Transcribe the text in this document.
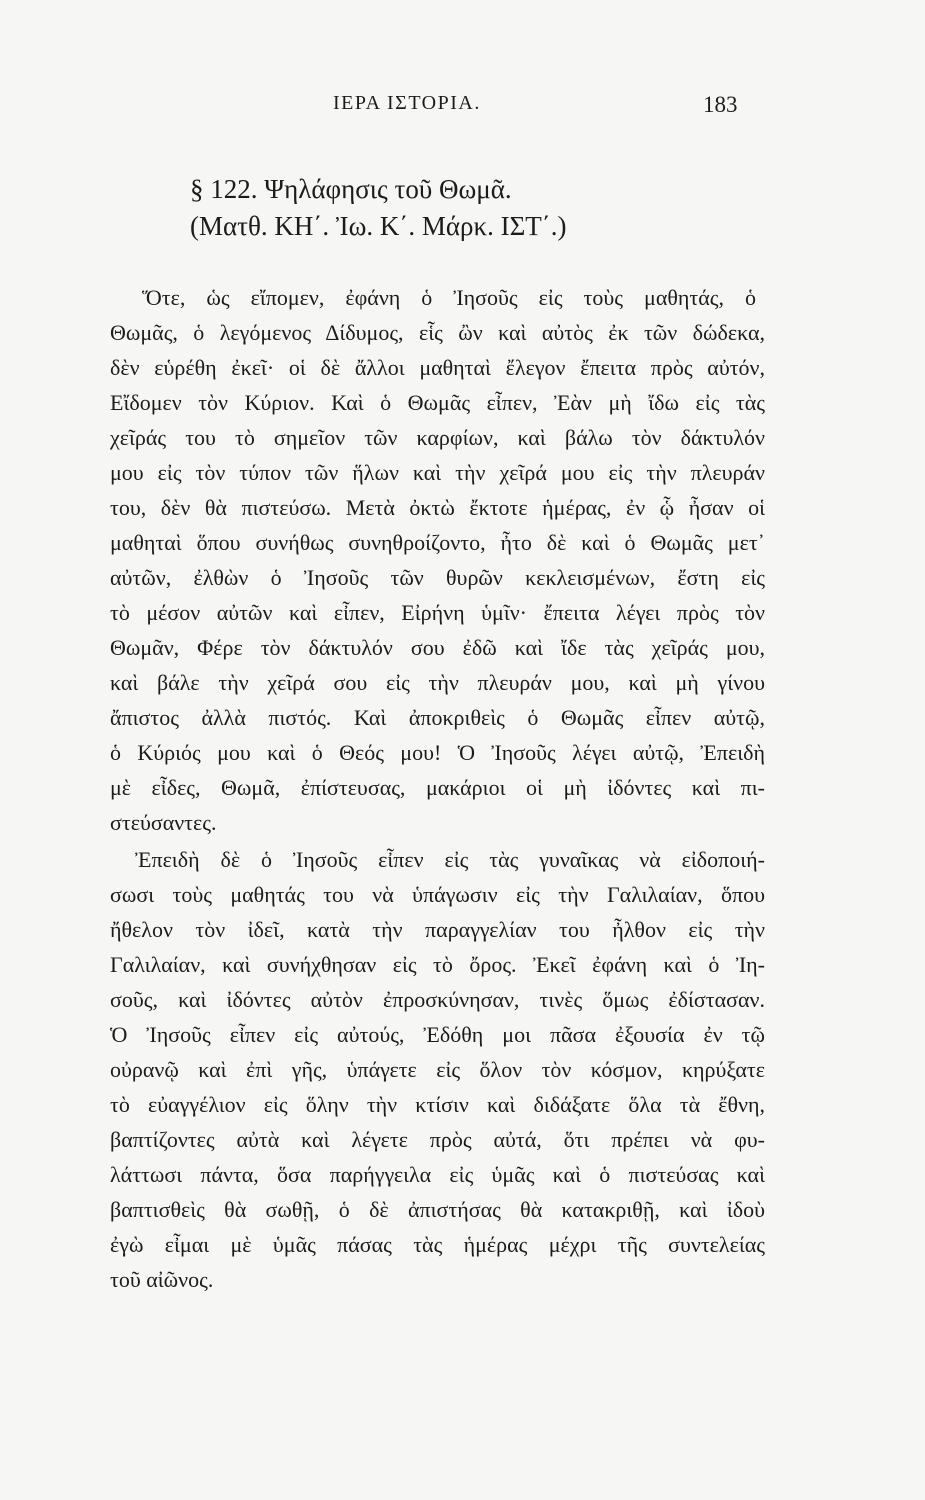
ΙΕΡΑ ΙΣΤΟΡΙΑ.	183
§ 122. Ψηλάφησις τοῦ Θωμᾶ.
(Ματθ. ΚΗ΄. Ἰω. Κ΄. Μάρκ. ΙΣΤ΄.)
Ὅτε, ὡς εἴπομεν, ἐφάνη ὁ Ἰησοῦς εἰς τοὺς μαθητάς, ὁ
Θωμᾶς, ὁ λεγόμενος Δίδυμος, εἷς ὢν καὶ αὐτὸς ἐκ τῶν δώδεκα,
δὲν εὑρέθη ἐκεῖ· οἱ δὲ ἄλλοι μαθηταὶ ἔλεγον ἔπειτα πρὸς αὐτόν,
Εἴδομεν τὸν Κύριον. Καὶ ὁ Θωμᾶς εἶπεν, Ἐὰν μὴ ἴδω εἰς τὰς
χεῖράς του τὸ σημεῖον τῶν καρφίων, καὶ βάλω τὸν δάκτυλόν
μου εἰς τὸν τύπον τῶν ἥλων καὶ τὴν χεῖρά μου εἰς τὴν πλευράν
του, δὲν θὰ πιστεύσω. Μετὰ ὀκτὼ ἔκτοτε ἡμέρας, ἐν ᾧ ἦσαν οἱ
μαθηταὶ ὅπου συνήθως συνηθροίζοντο, ἦτο δὲ καὶ ὁ Θωμᾶς μετ᾽
αὐτῶν, ἐλθὼν ὁ Ἰησοῦς τῶν θυρῶν κεκλεισμένων, ἔστη εἰς
τὸ μέσον αὐτῶν καὶ εἶπεν, Εἰρήνη ὑμῖν· ἔπειτα λέγει πρὸς τὸν
Θωμᾶν, Φέρε τὸν δάκτυλόν σου ἐδῶ καὶ ἴδε τὰς χεῖράς μου,
καὶ βάλε τὴν χεῖρά σου εἰς τὴν πλευράν μου, καὶ μὴ γίνου
ἄπιστος ἀλλὰ πιστός. Καὶ ἀποκριθεὶς ὁ Θωμᾶς εἶπεν αὐτῷ,
ὁ Κύριός μου καὶ ὁ Θεός μου! Ὁ Ἰησοῦς λέγει αὐτῷ, Ἐπειδὴ
μὲ εἶδες, Θωμᾶ, ἐπίστευσας, μακάριοι οἱ μὴ ἰδόντες καὶ πι-
στεύσαντες.
Ἐπειδὴ δὲ ὁ Ἰησοῦς εἶπεν εἰς τὰς γυναῖκας νὰ εἰδοποιή-
σωσι τοὺς μαθητάς του νὰ ὑπάγωσιν εἰς τὴν Γαλιλαίαν, ὅπου
ἤθελον τὸν ἰδεῖ, κατὰ τὴν παραγγελίαν του ἦλθον εἰς τὴν
Γαλιλαίαν, καὶ συνήχθησαν εἰς τὸ ὄρος. Ἐκεῖ ἐφάνη καὶ ὁ Ἰη-
σοῦς, καὶ ἰδόντες αὐτὸν ἐπροσκύνησαν, τινὲς ὅμως ἐδίστασαν.
Ὁ Ἰησοῦς εἶπεν εἰς αὐτούς, Ἐδόθη μοι πᾶσα ἐξουσία ἐν τῷ
οὐρανῷ καὶ ἐπὶ γῆς, ὑπάγετε εἰς ὅλον τὸν κόσμον, κηρύξατε
τὸ εὐαγγέλιον εἰς ὅλην τὴν κτίσιν καὶ διδάξατε ὅλα τὰ ἔθνη,
βαπτίζοντες αὐτὰ καὶ λέγετε πρὸς αὐτά, ὅτι πρέπει νὰ φυ-
λάττωσι πάντα, ὅσα παρήγγειλα εἰς ὑμᾶς καὶ ὁ πιστεύσας καὶ
βαπτισθεὶς θὰ σωθῇ, ὁ δὲ ἀπιστήσας θὰ κατακριθῇ, καὶ ἰδοὺ
ἐγὼ εἶμαι μὲ ὑμᾶς πάσας τὰς ἡμέρας μέχρι τῆς συντελείας
τοῦ αἰῶνος.
